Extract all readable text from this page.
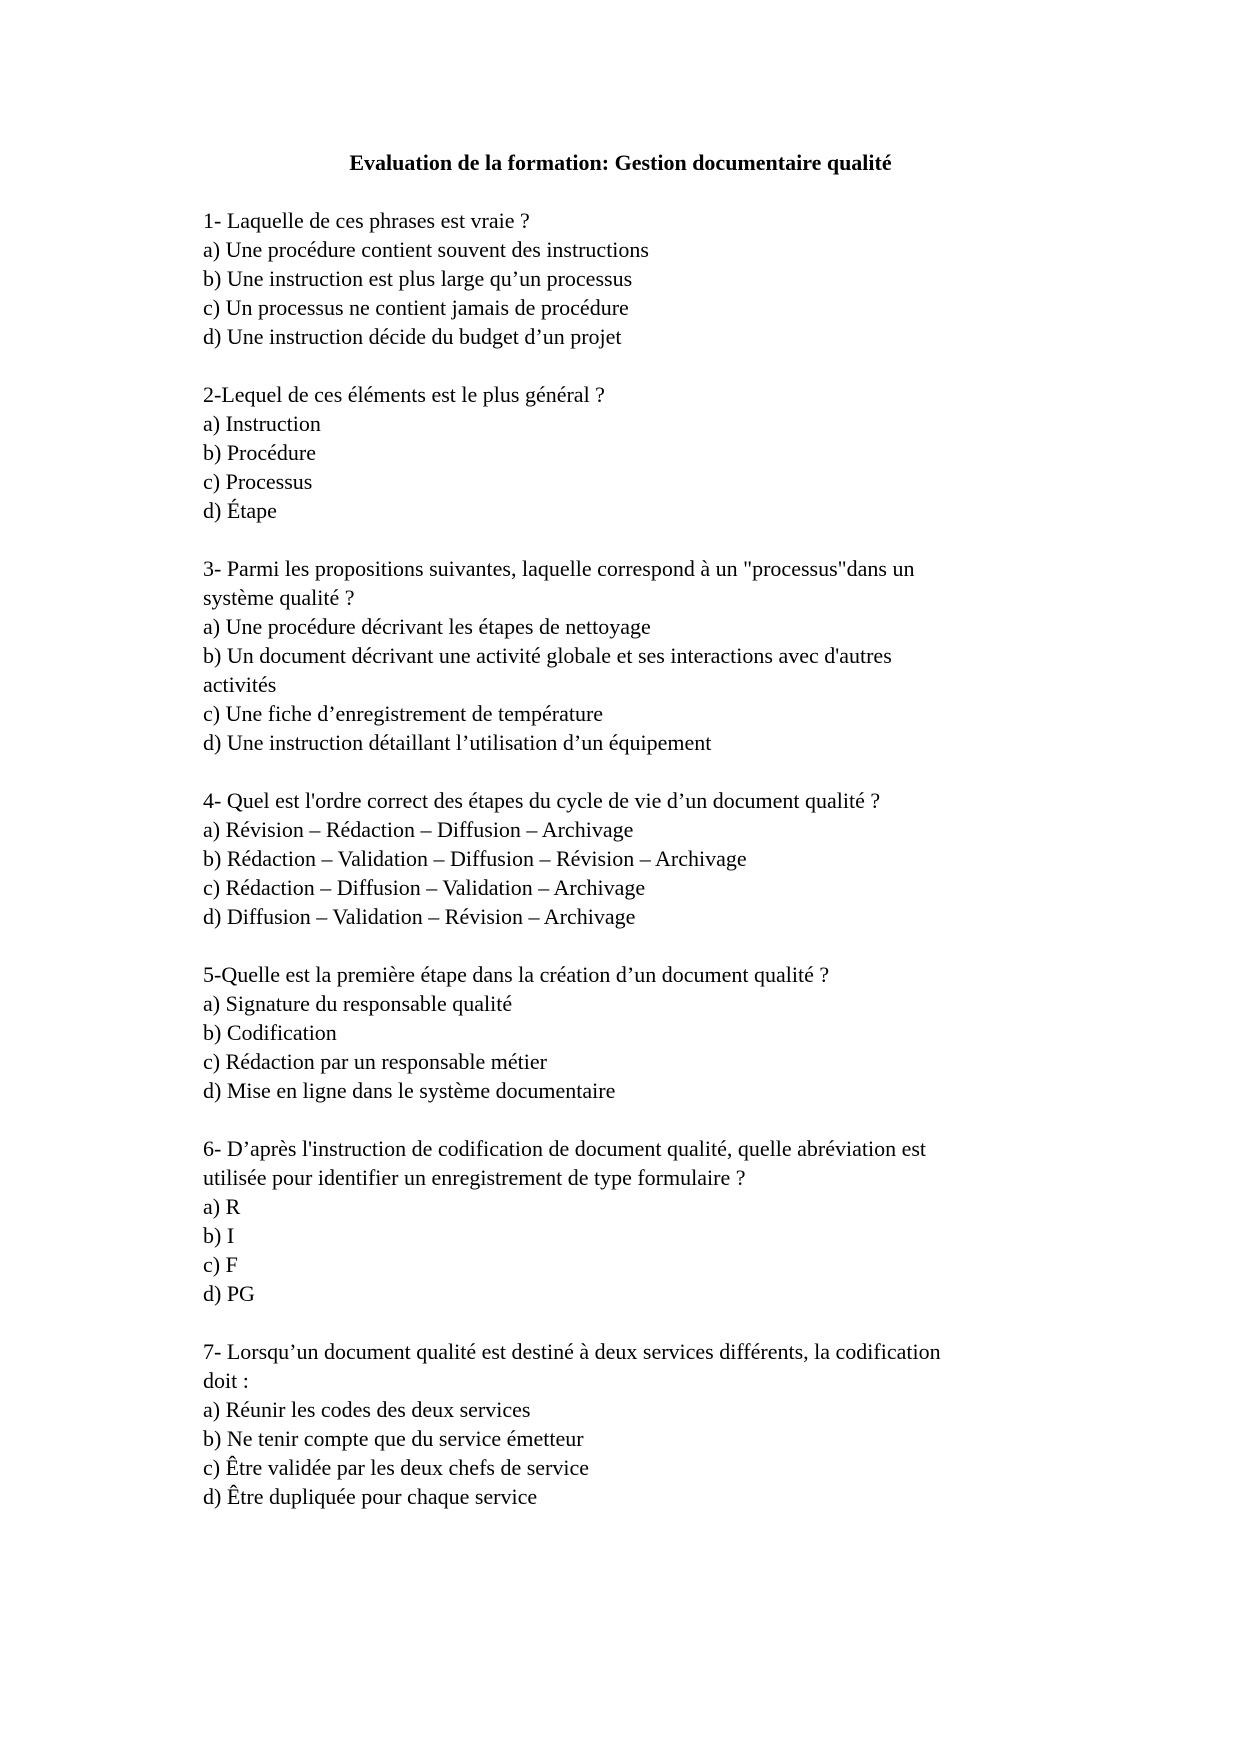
Evaluation de la formation: Gestion documentaire qualité
1- Laquelle de ces phrases est vraie ?
a) Une procédure contient souvent des instructions
b) Une instruction est plus large qu’un processus
c) Un processus ne contient jamais de procédure
d) Une instruction décide du budget d’un projet
2-Lequel de ces éléments est le plus général ?
a) Instruction
b) Procédure
c) Processus
d) Étape
3- Parmi les propositions suivantes, laquelle correspond à un "processus"dans un
système qualité ?
a) Une procédure décrivant les étapes de nettoyage
b) Un document décrivant une activité globale et ses interactions avec d'autres
activités
c) Une fiche d’enregistrement de température
d) Une instruction détaillant l’utilisation d’un équipement
4- Quel est l'ordre correct des étapes du cycle de vie d’un document qualité ?
a) Révision – Rédaction – Diffusion – Archivage
b) Rédaction – Validation – Diffusion – Révision – Archivage
c) Rédaction – Diffusion – Validation – Archivage
d) Diffusion – Validation – Révision – Archivage
5-Quelle est la première étape dans la création d’un document qualité ?
a) Signature du responsable qualité
b) Codification
c) Rédaction par un responsable métier
d) Mise en ligne dans le système documentaire
6- D’après l'instruction de codification de document qualité, quelle abréviation est
utilisée pour identifier un enregistrement de type formulaire ?
a) R
b) I
c) F
d) PG
7- Lorsqu’un document qualité est destiné à deux services différents, la codification
doit :
a) Réunir les codes des deux services
b) Ne tenir compte que du service émetteur
c) Être validée par les deux chefs de service
d) Être dupliquée pour chaque service
